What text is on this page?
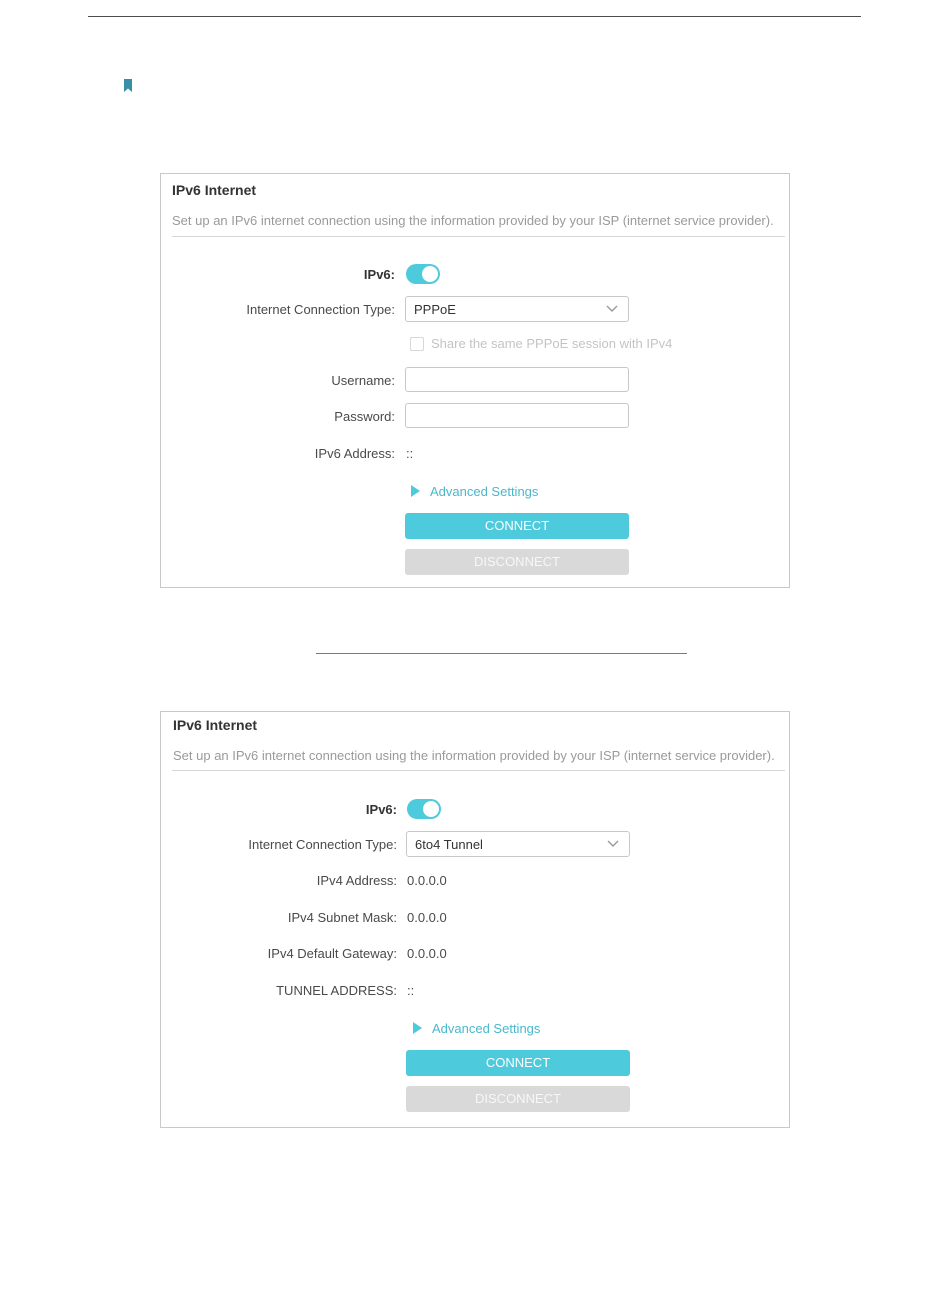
IPv6 Internet
Set up an IPv6 internet connection using the information provided by your ISP (internet service provider).
IPv6:
Internet Connection Type: PPPoE
Share the same PPPoE session with IPv4
Username:
Password:
IPv6 Address: ::
Advanced Settings
CONNECT
DISCONNECT
IPv6 Internet
Set up an IPv6 internet connection using the information provided by your ISP (internet service provider).
IPv6:
Internet Connection Type: 6to4 Tunnel
IPv4 Address: 0.0.0.0
IPv4 Subnet Mask: 0.0.0.0
IPv4 Default Gateway: 0.0.0.0
TUNNEL ADDRESS: ::
Advanced Settings
CONNECT
DISCONNECT
